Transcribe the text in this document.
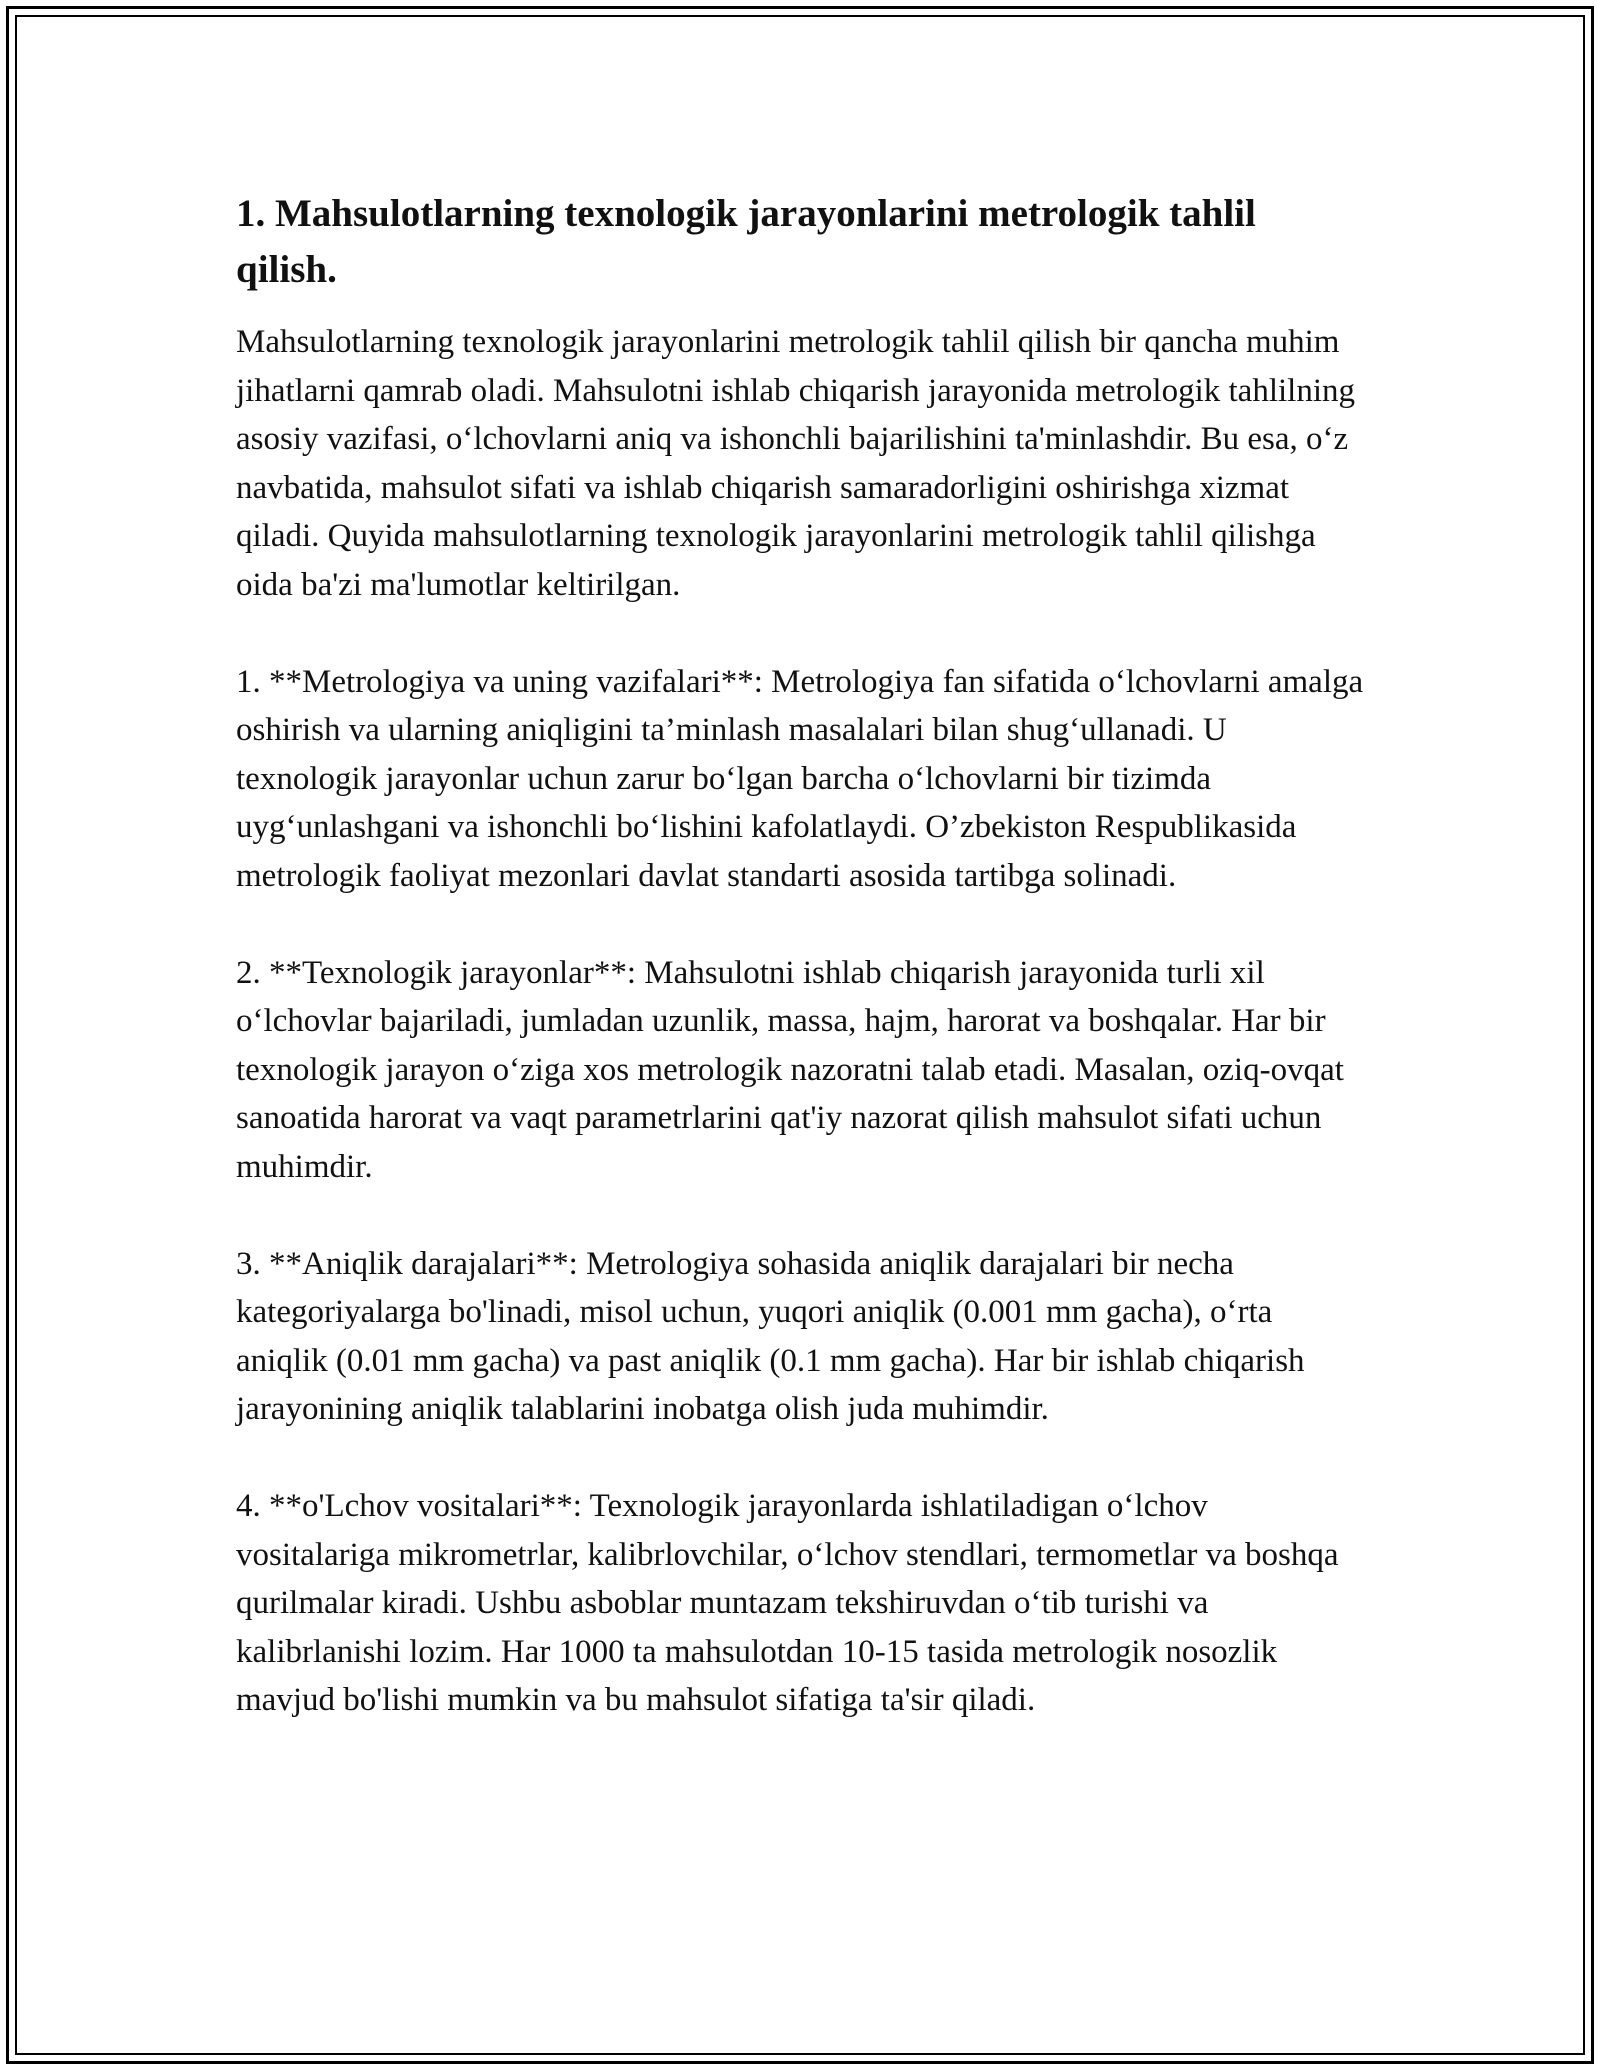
1. Mahsulotlarning texnologik jarayonlarini metrologik tahlil qilish.

Mahsulotlarning texnologik jarayonlarini metrologik tahlil qilish bir qancha muhim jihatlarni qamrab oladi. Mahsulotni ishlab chiqarish jarayonida metrologik tahlilning asosiy vazifasi, o‘lchovlarni aniq va ishonchli bajarilishini ta'minlashdir. Bu esa, o‘z navbatida, mahsulot sifati va ishlab chiqarish samaradorligini oshirishga xizmat qiladi. Quyida mahsulotlarning texnologik jarayonlarini metrologik tahlil qilishga oida ba'zi ma'lumotlar keltirilgan.

1. **Metrologiya va uning vazifalari**: Metrologiya fan sifatida o‘lchovlarni amalga oshirish va ularning aniqligini ta’minlash masalalari bilan shug‘ullanadi. U texnologik jarayonlar uchun zarur bo‘lgan barcha o‘lchovlarni bir tizimda uyg‘unlashgani va ishonchli bo‘lishini kafolatlaydi. O’zbekiston Respublikasida metrologik faoliyat mezonlari davlat standarti asosida tartibga solinadi.

2. **Texnologik jarayonlar**: Mahsulotni ishlab chiqarish jarayonida turli xil o‘lchovlar bajariladi, jumladan uzunlik, massa, hajm, harorat va boshqalar. Har bir texnologik jarayon o‘ziga xos metrologik nazoratni talab etadi. Masalan, oziq-ovqat sanoatida harorat va vaqt parametrlarini qat'iy nazorat qilish mahsulot sifati uchun muhimdir.

3. **Aniqlik darajalari**: Metrologiya sohasida aniqlik darajalari bir necha kategoriyalarga bo'linadi, misol uchun, yuqori aniqlik (0.001 mm gacha), o‘rta aniqlik (0.01 mm gacha) va past aniqlik (0.1 mm gacha). Har bir ishlab chiqarish jarayonining aniqlik talablarini inobatga olish juda muhimdir.

4. **o'Lchov vositalari**: Texnologik jarayonlarda ishlatiladigan o‘lchov vositalariga mikrometrlar, kalibrlovchilar, o‘lchov stendlari, termometlar va boshqa qurilmalar kiradi. Ushbu asboblar muntazam tekshiruvdan o‘tib turishi va kalibrlanishi lozim. Har 1000 ta mahsulotdan 10-15 tasida metrologik nosozlik mavjud bo'lishi mumkin va bu mahsulot sifatiga ta'sir qiladi.
